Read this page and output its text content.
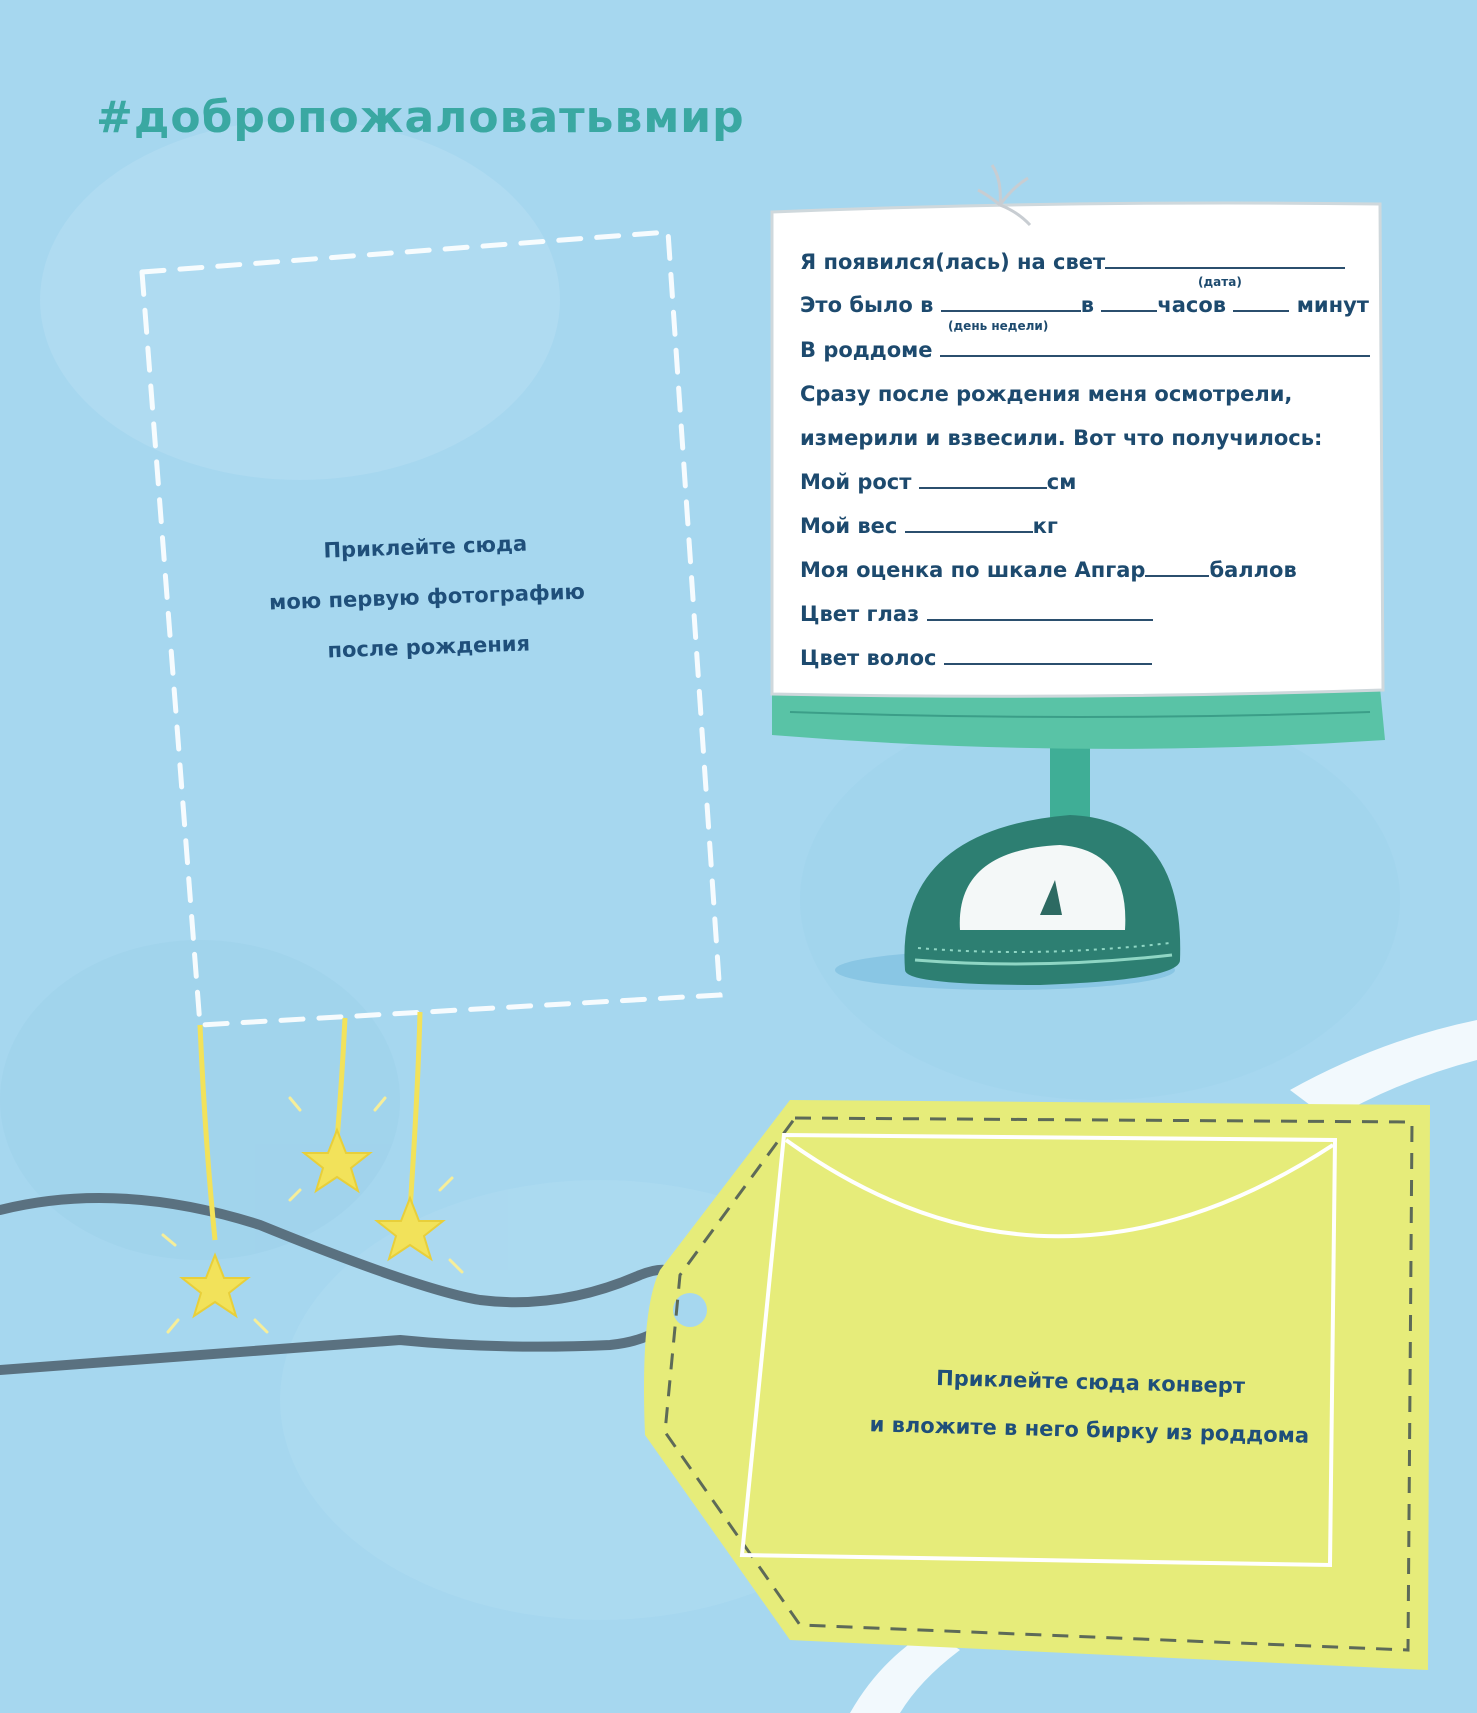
#добропожаловатьвмир
Приклейте сюда
мою первую фотографию
после рождения
Я появился(лась) на свет
(дата)
Это было в	в	часов	минут
(день недели)
В роддоме
Сразу после рождения меня осмотрели,
измерили и взвесили. Вот что получилось:
Мой рост	см
Мой вес	кг
Моя оценка по шкале Апгар	баллов
Цвет глаз
Цвет волос
Приклейте сюда конверт
и вложите в него бирку из роддома
